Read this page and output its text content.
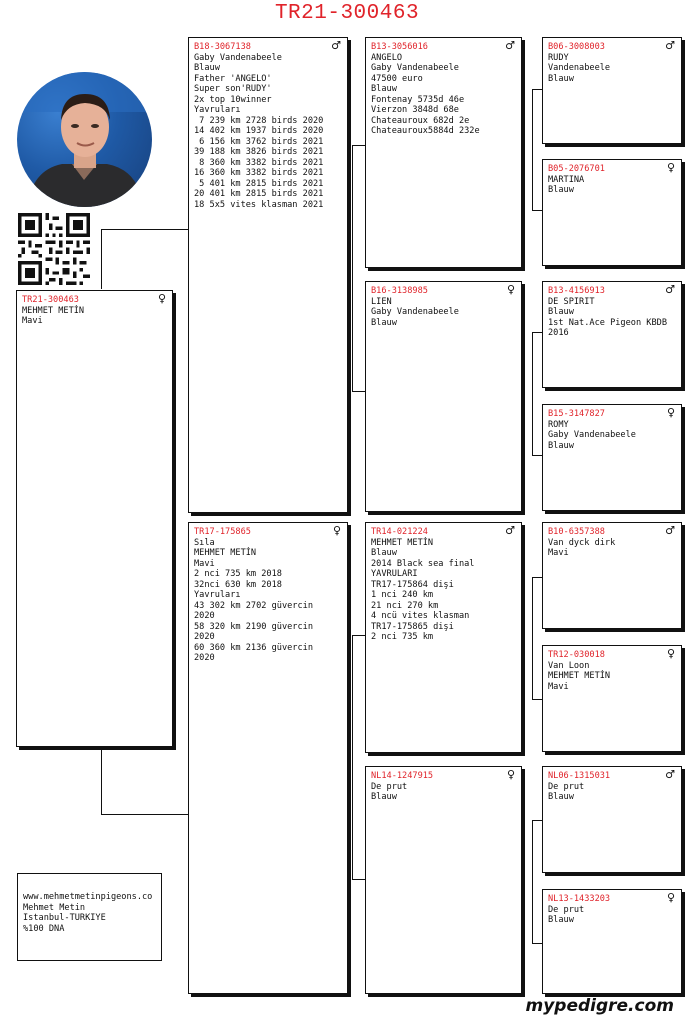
TR21-300463
TR21-300463	♀
MEHMET METİN
Mavi
B18-3067138	♂
Gaby Vandenabeele
Blauw
Father 'ANGELO'
Super son'RUDY'
2x top 10winner
Yavruları
7 239 km 2728 birds 2020
14 402 km 1937 birds 2020
6 156 km 3762 birds 2021
39 188 km 3826 birds 2021
8 360 km 3382 birds 2021
16 360 km 3382 birds 2021
5 401 km 2815 birds 2021
20 401 km 2815 birds 2021
18 5x5 vites klasman 2021
TR17-175865	♀
Sıla
MEHMET METİN
Mavi
2 nci 735 km 2018
32nci 630 km 2018
Yavruları
43 302 km 2702 güvercin
2020
58 320 km 2190 güvercin
2020
60 360 km 2136 güvercin
2020
B13-3056016	♂
ANGELO
Gaby Vandenabeele
47500 euro
Blauw
Fontenay 5735d 46e
Vierzon 3848d 68e
Chateauroux 682d 2e
Chateauroux5884d 232e
B16-3138985	♀
LIEN
Gaby Vandenabeele
Blauw
TR14-021224	♂
MEHMET METİN
Blauw
2014 Black sea final
YAVRULARI
TR17-175864 dişi
1 nci 240 km
21 nci 270 km
4 ncü vites klasman
TR17-175865 dişi
2 nci 735 km
NL14-1247915	♀
De prut
Blauw
B06-3008003	♂
RUDY
Vandenabeele
Blauw
B05-2076701	♀
MARTINA
Blauw
B13-4156913	♂
DE SPIRIT
Blauw
1st Nat.Ace Pigeon KBDB
2016
B15-3147827	♀
ROMY
Gaby Vandenabeele
Blauw
B10-6357388	♂
Van dyck dirk
Mavi
TR12-030018	♀
Van Loon
MEHMET METİN
Mavi
NL06-1315031	♂
De prut
Blauw
NL13-1433203	♀
De prut
Blauw
www.mehmetmetinpigeons.co
Mehmet Metin
Istanbul-TÜRKİYE
%100 DNA
mypedigre.com
